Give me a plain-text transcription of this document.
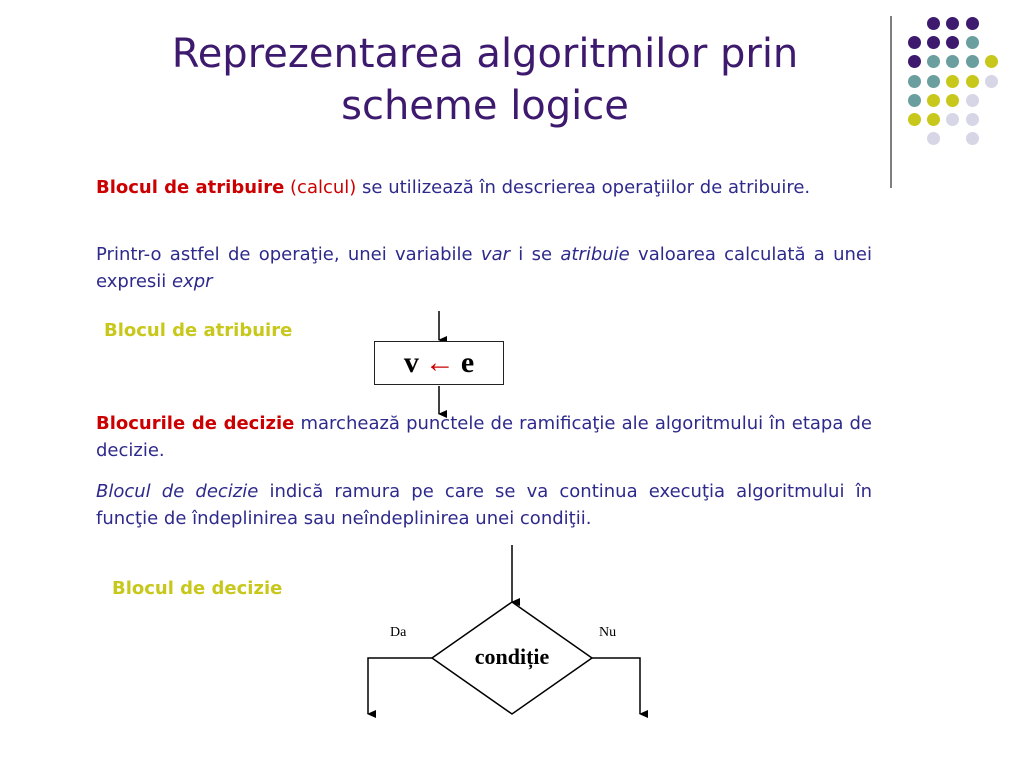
Reprezentarea algoritmilor prin
scheme logice

Blocul de atribuire (calcul) se utilizează în descrierea operaţiilor de atribuire.

Printr-o astfel de operaţie, unei variabile var i se atribuie valoarea calculată a unei expresii expr

Blocul de atribuire
v ← e

Blocurile de decizie marchează punctele de ramificaţie ale algoritmului în etapa de decizie.

Blocul de decizie indică ramura pe care se va continua execuţia algoritmului în funcţie de îndeplinirea sau neîndeplinirea unei condiţii.

Blocul de decizie
Da	Nu
condiție
